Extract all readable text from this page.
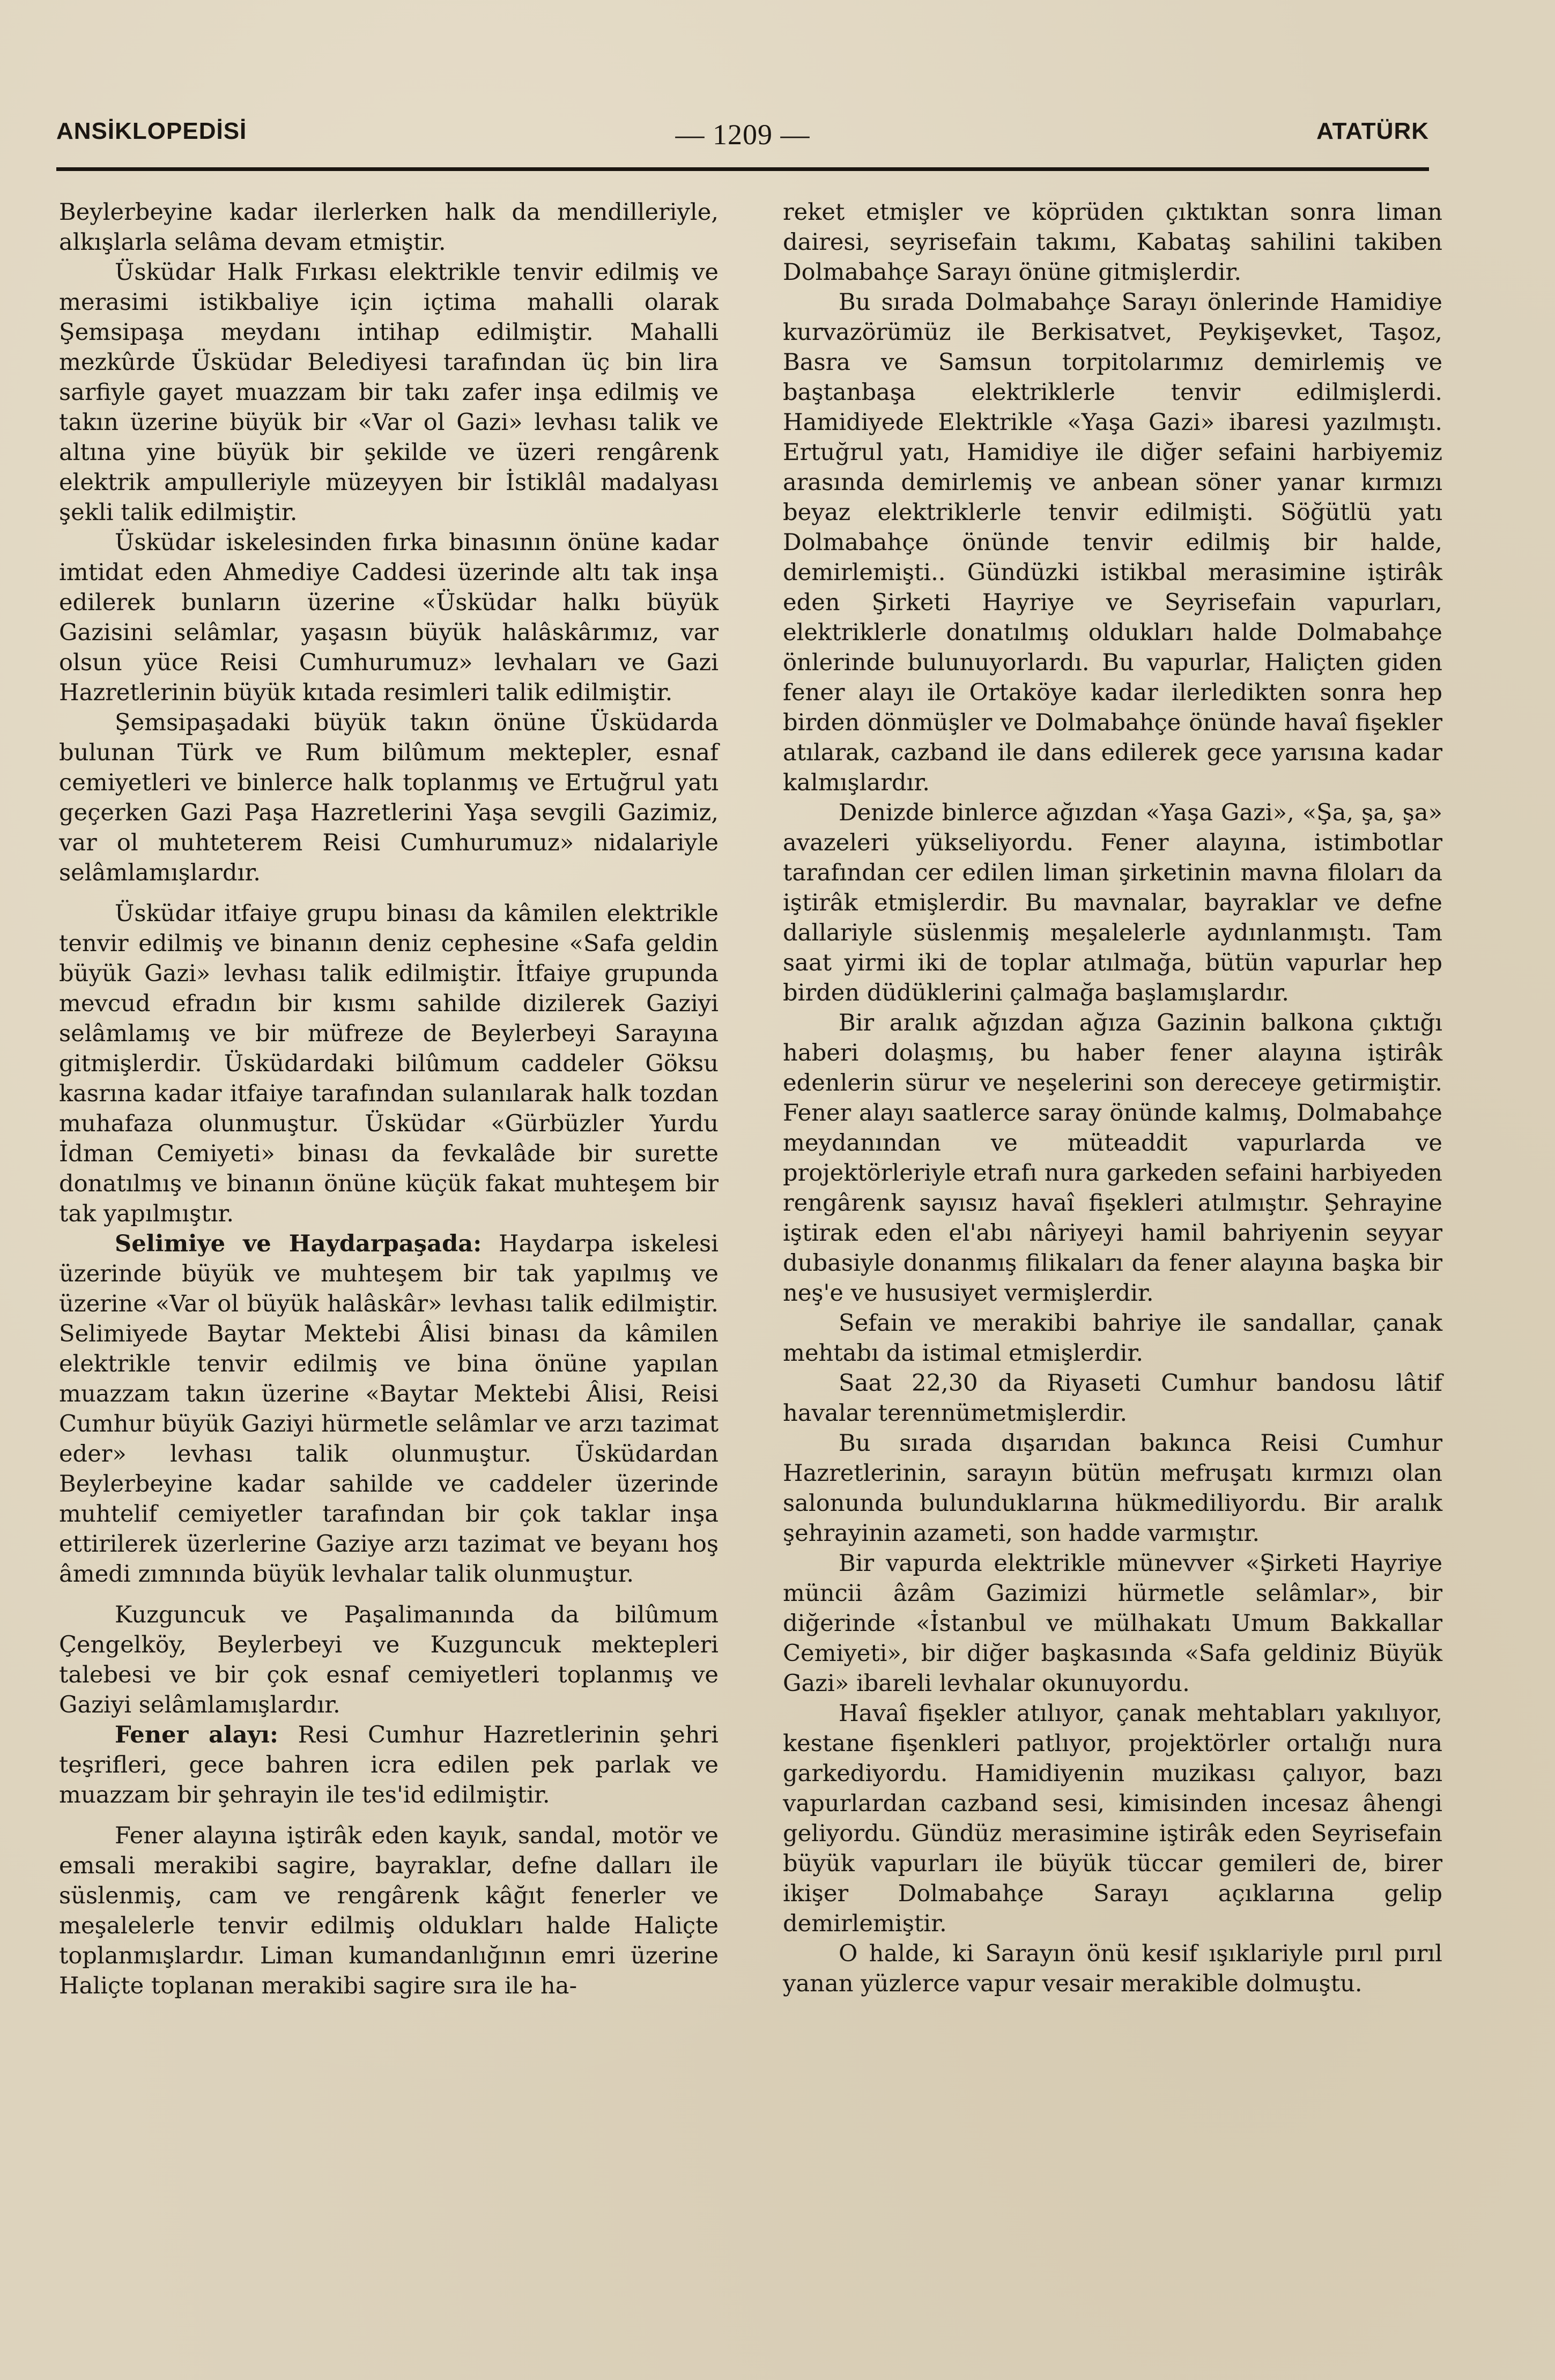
ANSİKLOPEDİSİ	— 1209 —	ATATÜRK

Beylerbeyine kadar ilerlerken halk da mendilleriyle, alkışlarla selâma devam etmiştir.

Üsküdar Halk Fırkası elektrikle tenvir edilmiş ve merasimi istikbaliye için içtima mahalli olarak Şemsipaşa meydanı intihap edilmiştir. Mahalli mezkûrde Üsküdar Belediyesi tarafından üç bin lira sarfiyle gayet muazzam bir takı zafer inşa edilmiş ve takın üzerine büyük bir «Var ol Gazi» levhası talik ve altına yine büyük bir şekilde ve üzeri rengârenk elektrik ampulleriyle müzeyyen bir İstiklâl madalyası şekli talik edilmiştir.

Üsküdar iskelesinden fırka binasının önüne kadar imtidat eden Ahmediye Caddesi üzerinde altı tak inşa edilerek bunların üzerine «Üsküdar halkı büyük Gazisini selâmlar, yaşasın büyük halâskârımız, var olsun yüce Reisi Cumhurumuz» levhaları ve Gazi Hazretlerinin büyük kıtada resimleri talik edilmiştir.

Şemsipaşadaki büyük takın önüne Üsküdarda bulunan Türk ve Rum bilûmum mektepler, esnaf cemiyetleri ve binlerce halk toplanmış ve Ertuğrul yatı geçerken Gazi Paşa Hazretlerini Yaşa sevgili Gazimiz, var ol muhteterem Reisi Cumhurumuz» nidalariyle selâmlamışlardır.

Üsküdar itfaiye grupu binası da kâmilen elektrikle tenvir edilmiş ve binanın deniz cephesine «Safa geldin büyük Gazi» levhası talik edilmiştir. İtfaiye grupunda mevcud efradın bir kısmı sahilde dizilerek Gaziyi selâmlamış ve bir müfreze de Beylerbeyi Sarayına gitmişlerdir. Üsküdardaki bilûmum caddeler Göksu kasrına kadar itfaiye tarafından sulanılarak halk tozdan muhafaza olunmuştur. Üsküdar «Gürbüzler Yurdu İdman Cemiyeti» binası da fevkalâde bir surette donatılmış ve binanın önüne küçük fakat muhteşem bir tak yapılmıştır.

Selimiye ve Haydarpaşada: Haydarpa iskelesi üzerinde büyük ve muhteşem bir tak yapılmış ve üzerine «Var ol büyük halâskâr» levhası talik edilmiştir. Selimiyede Baytar Mektebi Âlisi binası da kâmilen elektrikle tenvir edilmiş ve bina önüne yapılan muazzam takın üzerine «Baytar Mektebi Âlisi, Reisi Cumhur büyük Gaziyi hürmetle selâmlar ve arzı tazimat eder» levhası talik olunmuştur. Üsküdardan Beylerbeyine kadar sahilde ve caddeler üzerinde muhtelif cemiyetler tarafından bir çok taklar inşa ettirilerek üzerlerine Gaziye arzı tazimat ve beyanı hoş âmedi zımnında büyük levhalar talik olunmuştur.

Kuzguncuk ve Paşalimanında da bilûmum Çengelköy, Beylerbeyi ve Kuzguncuk mektepleri talebesi ve bir çok esnaf cemiyetleri toplanmış ve Gaziyi selâmlamışlardır.

Fener alayı: Resi Cumhur Hazretlerinin şehri teşrifleri, gece bahren icra edilen pek parlak ve muazzam bir şehrayin ile tes'id edilmiştir.

Fener alayına iştirâk eden kayık, sandal, motör ve emsali merakibi sagire, bayraklar, defne dalları ile süslenmiş, cam ve rengârenk kâğıt fenerler ve meşalelerle tenvir edilmiş oldukları halde Haliçte toplanmışlardır. Liman kumandanlığının emri üzerine Haliçte toplanan merakibi sagire sıra ile ha-

reket etmişler ve köprüden çıktıktan sonra liman dairesi, seyrisefain takımı, Kabataş sahilini takiben Dolmabahçe Sarayı önüne gitmişlerdir.

Bu sırada Dolmabahçe Sarayı önlerinde Hamidiye kurvazörümüz ile Berkisatvet, Peykişevket, Taşoz, Basra ve Samsun torpitolarımız demirlemiş ve baştanbaşa elektriklerle tenvir edilmişlerdi. Hamidiyede Elektrikle «Yaşa Gazi» ibaresi yazılmıştı. Ertuğrul yatı, Hamidiye ile diğer sefaini harbiyemiz arasında demirlemiş ve anbean söner yanar kırmızı beyaz elektriklerle tenvir edilmişti. Söğütlü yatı Dolmabahçe önünde tenvir edilmiş bir halde, demirlemişti.. Gündüzki istikbal merasimine iştirâk eden Şirketi Hayriye ve Seyrisefain vapurları, elektriklerle donatılmış oldukları halde Dolmabahçe önlerinde bulunuyorlardı. Bu vapurlar, Haliçten giden fener alayı ile Ortaköye kadar ilerledikten sonra hep birden dönmüşler ve Dolmabahçe önünde havaî fişekler atılarak, cazband ile dans edilerek gece yarısına kadar kalmışlardır.

Denizde binlerce ağızdan «Yaşa Gazi», «Şa, şa, şa» avazeleri yükseliyordu. Fener alayına, istimbotlar tarafından cer edilen liman şirketinin mavna filoları da iştirâk etmişlerdir. Bu mavnalar, bayraklar ve defne dallariyle süslenmiş meşalelerle aydınlanmıştı. Tam saat yirmi iki de toplar atılmağa, bütün vapurlar hep birden düdüklerini çalmağa başlamışlardır.

Bir aralık ağızdan ağıza Gazinin balkona çıktığı haberi dolaşmış, bu haber fener alayına iştirâk edenlerin sürur ve neşelerini son dereceye getirmiştir. Fener alayı saatlerce saray önünde kalmış, Dolmabahçe meydanından ve müteaddit vapurlarda ve projektörleriyle etrafı nura garkeden sefaini harbiyeden rengârenk sayısız havaî fişekleri atılmıştır. Şehrayine iştirak eden el'abı nâriyeyi hamil bahriyenin seyyar dubasiyle donanmış filikaları da fener alayına başka bir neş'e ve hususiyet vermişlerdir.

Sefain ve merakibi bahriye ile sandallar, çanak mehtabı da istimal etmişlerdir.

Saat 22,30 da Riyaseti Cumhur bandosu lâtif havalar terennümetmişlerdir.

Bu sırada dışarıdan bakınca Reisi Cumhur Hazretlerinin, sarayın bütün mefruşatı kırmızı olan salonunda bulunduklarına hükmediliyordu. Bir aralık şehrayinin azameti, son hadde varmıştır.

Bir vapurda elektrikle münevver «Şirketi Hayriye müncii âzâm Gazimizi hürmetle selâmlar», bir diğerinde «İstanbul ve mülhakatı Umum Bakkallar Cemiyeti», bir diğer başkasında «Safa geldiniz Büyük Gazi» ibareli levhalar okunuyordu.

Havaî fişekler atılıyor, çanak mehtabları yakılıyor, kestane fişenkleri patlıyor, projektörler ortalığı nura garkediyordu. Hamidiyenin muzikası çalıyor, bazı vapurlardan cazband sesi, kimisinden incesaz âhengi geliyordu. Gündüz merasimine iştirâk eden Seyrisefain büyük vapurları ile büyük tüccar gemileri de, birer ikişer Dolmabahçe Sarayı açıklarına gelip demirlemiştir.

O halde, ki Sarayın önü kesif ışıklariyle pırıl pırıl yanan yüzlerce vapur vesair merakible dolmuştu.
